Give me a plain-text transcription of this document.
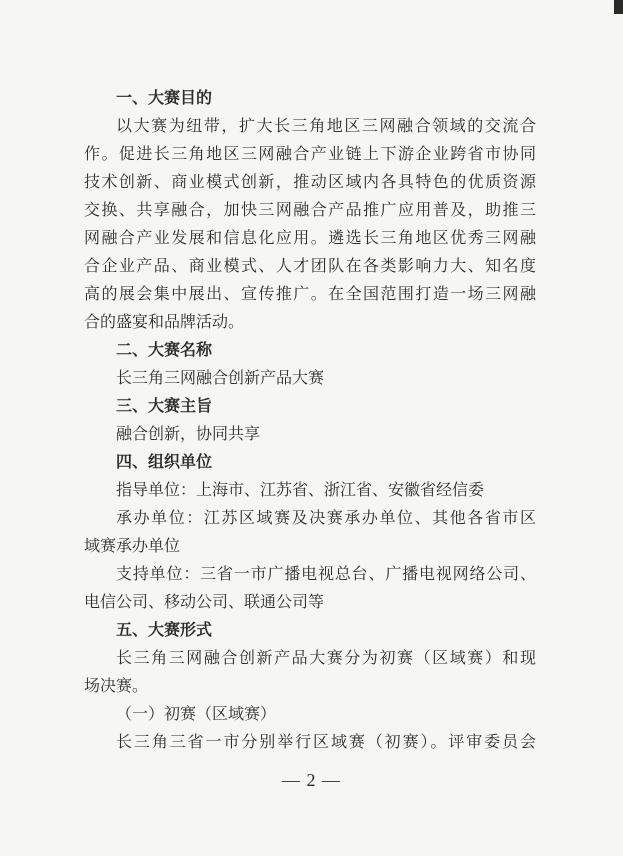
一、大赛目的
以大赛为纽带，扩大长三角地区三网融合领域的交流合
作。促进长三角地区三网融合产业链上下游企业跨省市协同
技术创新、商业模式创新，推动区域内各具特色的优质资源
交换、共享融合，加快三网融合产品推广应用普及，助推三
网融合产业发展和信息化应用。遴选长三角地区优秀三网融
合企业产品、商业模式、人才团队在各类影响力大、知名度
高的展会集中展出、宣传推广。在全国范围打造一场三网融
合的盛宴和品牌活动。
二、大赛名称
长三角三网融合创新产品大赛
三、大赛主旨
融合创新，协同共享
四、组织单位
指导单位：上海市、江苏省、浙江省、安徽省经信委
承办单位：江苏区域赛及决赛承办单位、其他各省市区
域赛承办单位
支持单位：三省一市广播电视总台、广播电视网络公司、
电信公司、移动公司、联通公司等
五、大赛形式
长三角三网融合创新产品大赛分为初赛（区域赛）和现
场决赛。
（一）初赛（区域赛）
长三角三省一市分别举行区域赛（初赛）。评审委员会
— 2 —
